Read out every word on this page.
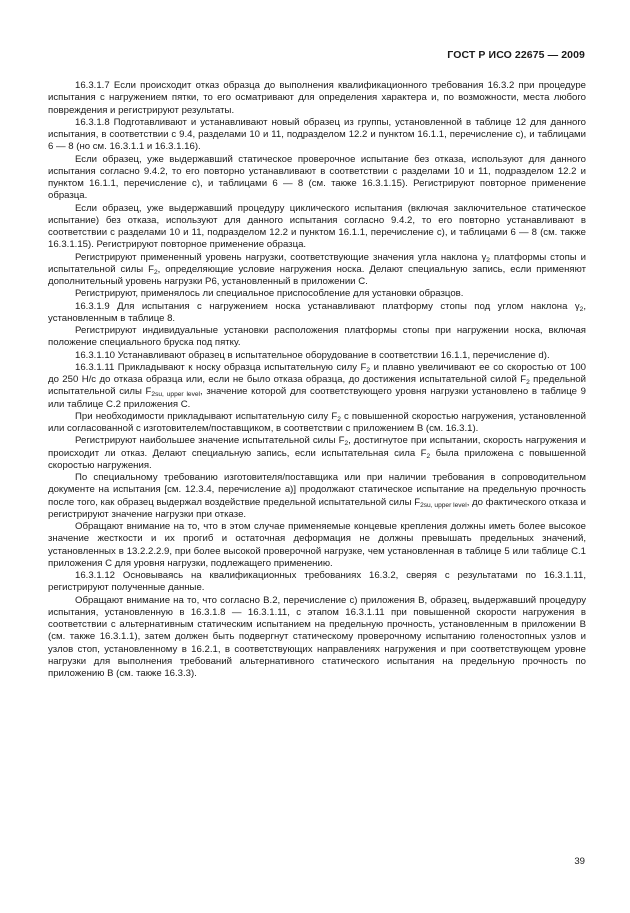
ГОСТ Р ИСО 22675 — 2009

16.3.1.7 Если происходит отказ образца до выполнения квалификационного требования 16.3.2 при процедуре испытания с нагружением пятки, то его осматривают для определения характера и, по возможности, места любого повреждения и регистрируют результаты.

16.3.1.8 Подготавливают и устанавливают новый образец из группы, установленной в таблице 12 для данного испытания, в соответствии с 9.4, разделами 10 и 11, подразделом 12.2 и пунктом 16.1.1, перечисление c), и таблицами 6 — 8 (но см. 16.3.1.1 и 16.3.1.16).

Если образец, уже выдержавший статическое проверочное испытание без отказа, используют для данного испытания согласно 9.4.2, то его повторно устанавливают в соответствии с разделами 10 и 11, подразделом 12.2 и пунктом 16.1.1, перечисление c), и таблицами 6 — 8 (см. также 16.3.1.15). Регистрируют повторное применение образца.

Если образец, уже выдержавший процедуру циклического испытания (включая заключительное статическое испытание) без отказа, используют для данного испытания согласно 9.4.2, то его повторно устанавливают в соответствии с разделами 10 и 11, подразделом 12.2 и пунктом 16.1.1, перечисление c), и таблицами 6 — 8 (см. также 16.3.1.15). Регистрируют повторное применение образца.

Регистрируют примененный уровень нагрузки, соответствующие значения угла наклона $\gamma_2$ платформы стопы и испытательной силы $F_2$, определяющие условие нагружения носка. Делают специальную запись, если применяют дополнительный уровень нагрузки P6, установленный в приложении C.

Регистрируют, применялось ли специальное приспособление для установки образцов.

16.3.1.9 Для испытания с нагружением носка устанавливают платформу стопы под углом наклона $\gamma_2$, установленным в таблице 8.

Регистрируют индивидуальные установки расположения платформы стопы при нагружении носка, включая положение специального бруска под пятку.

16.3.1.10 Устанавливают образец в испытательное оборудование в соответствии 16.1.1, перечисление d).

16.3.1.11 Прикладывают к носку образца испытательную силу $F_2$ и плавно увеличивают ее со скоростью от 100 до 250 Н/с до отказа образца или, если не было отказа образца, до достижения испытательной силой $F_2$ предельной испытательной силы $F_{2su, upper level}$, значение которой для соответствующего уровня нагрузки установлено в таблице 9 или таблице C.2 приложения C.

При необходимости прикладывают испытательную силу $F_2$ с повышенной скоростью нагружения, установленной или согласованной с изготовителем/поставщиком, в соответствии с приложением B (см. 16.3.1).

Регистрируют наибольшее значение испытательной силы $F_2$, достигнутое при испытании, скорость нагружения и происходит ли отказ. Делают специальную запись, если испытательная сила $F_2$ была приложена с повышенной скоростью нагружения.

По специальному требованию изготовителя/поставщика или при наличии требования в сопроводительном документе на испытания [см. 12.3.4, перечисление a)] продолжают статическое испытание на предельную прочность после того, как образец выдержал воздействие предельной испытательной силы $F_{2su, upper level}$, до фактического отказа и регистрируют значение нагрузки при отказе.

Обращают внимание на то, что в этом случае применяемые концевые крепления должны иметь более высокое значение жесткости и их прогиб и остаточная деформация не должны превышать предельных значений, установленных в 13.2.2.2.9, при более высокой проверочной нагрузке, чем установленная в таблице 5 или таблице C.1 приложения C для уровня нагрузки, подлежащего применению.

16.3.1.12 Основываясь на квалификационных требованиях 16.3.2, сверяя с результатами по 16.3.1.11, регистрируют полученные данные.

Обращают внимание на то, что согласно B.2, перечисление c) приложения B, образец, выдержавший процедуру испытания, установленную в 16.3.1.8 — 16.3.1.11, с этапом 16.3.1.11 при повышенной скорости нагружения в соответствии с альтернативным статическим испытанием на предельную прочность, установленным в приложении B (см. также 16.3.1.1), затем должен быть подвергнут статическому проверочному испытанию голеностопных узлов и узлов стоп, установленному в 16.2.1, в соответствующих направлениях нагружения и при соответствующем уровне нагрузки для выполнения требований альтернативного статического испытания на предельную прочность по приложению B (см. также 16.3.3).

39
